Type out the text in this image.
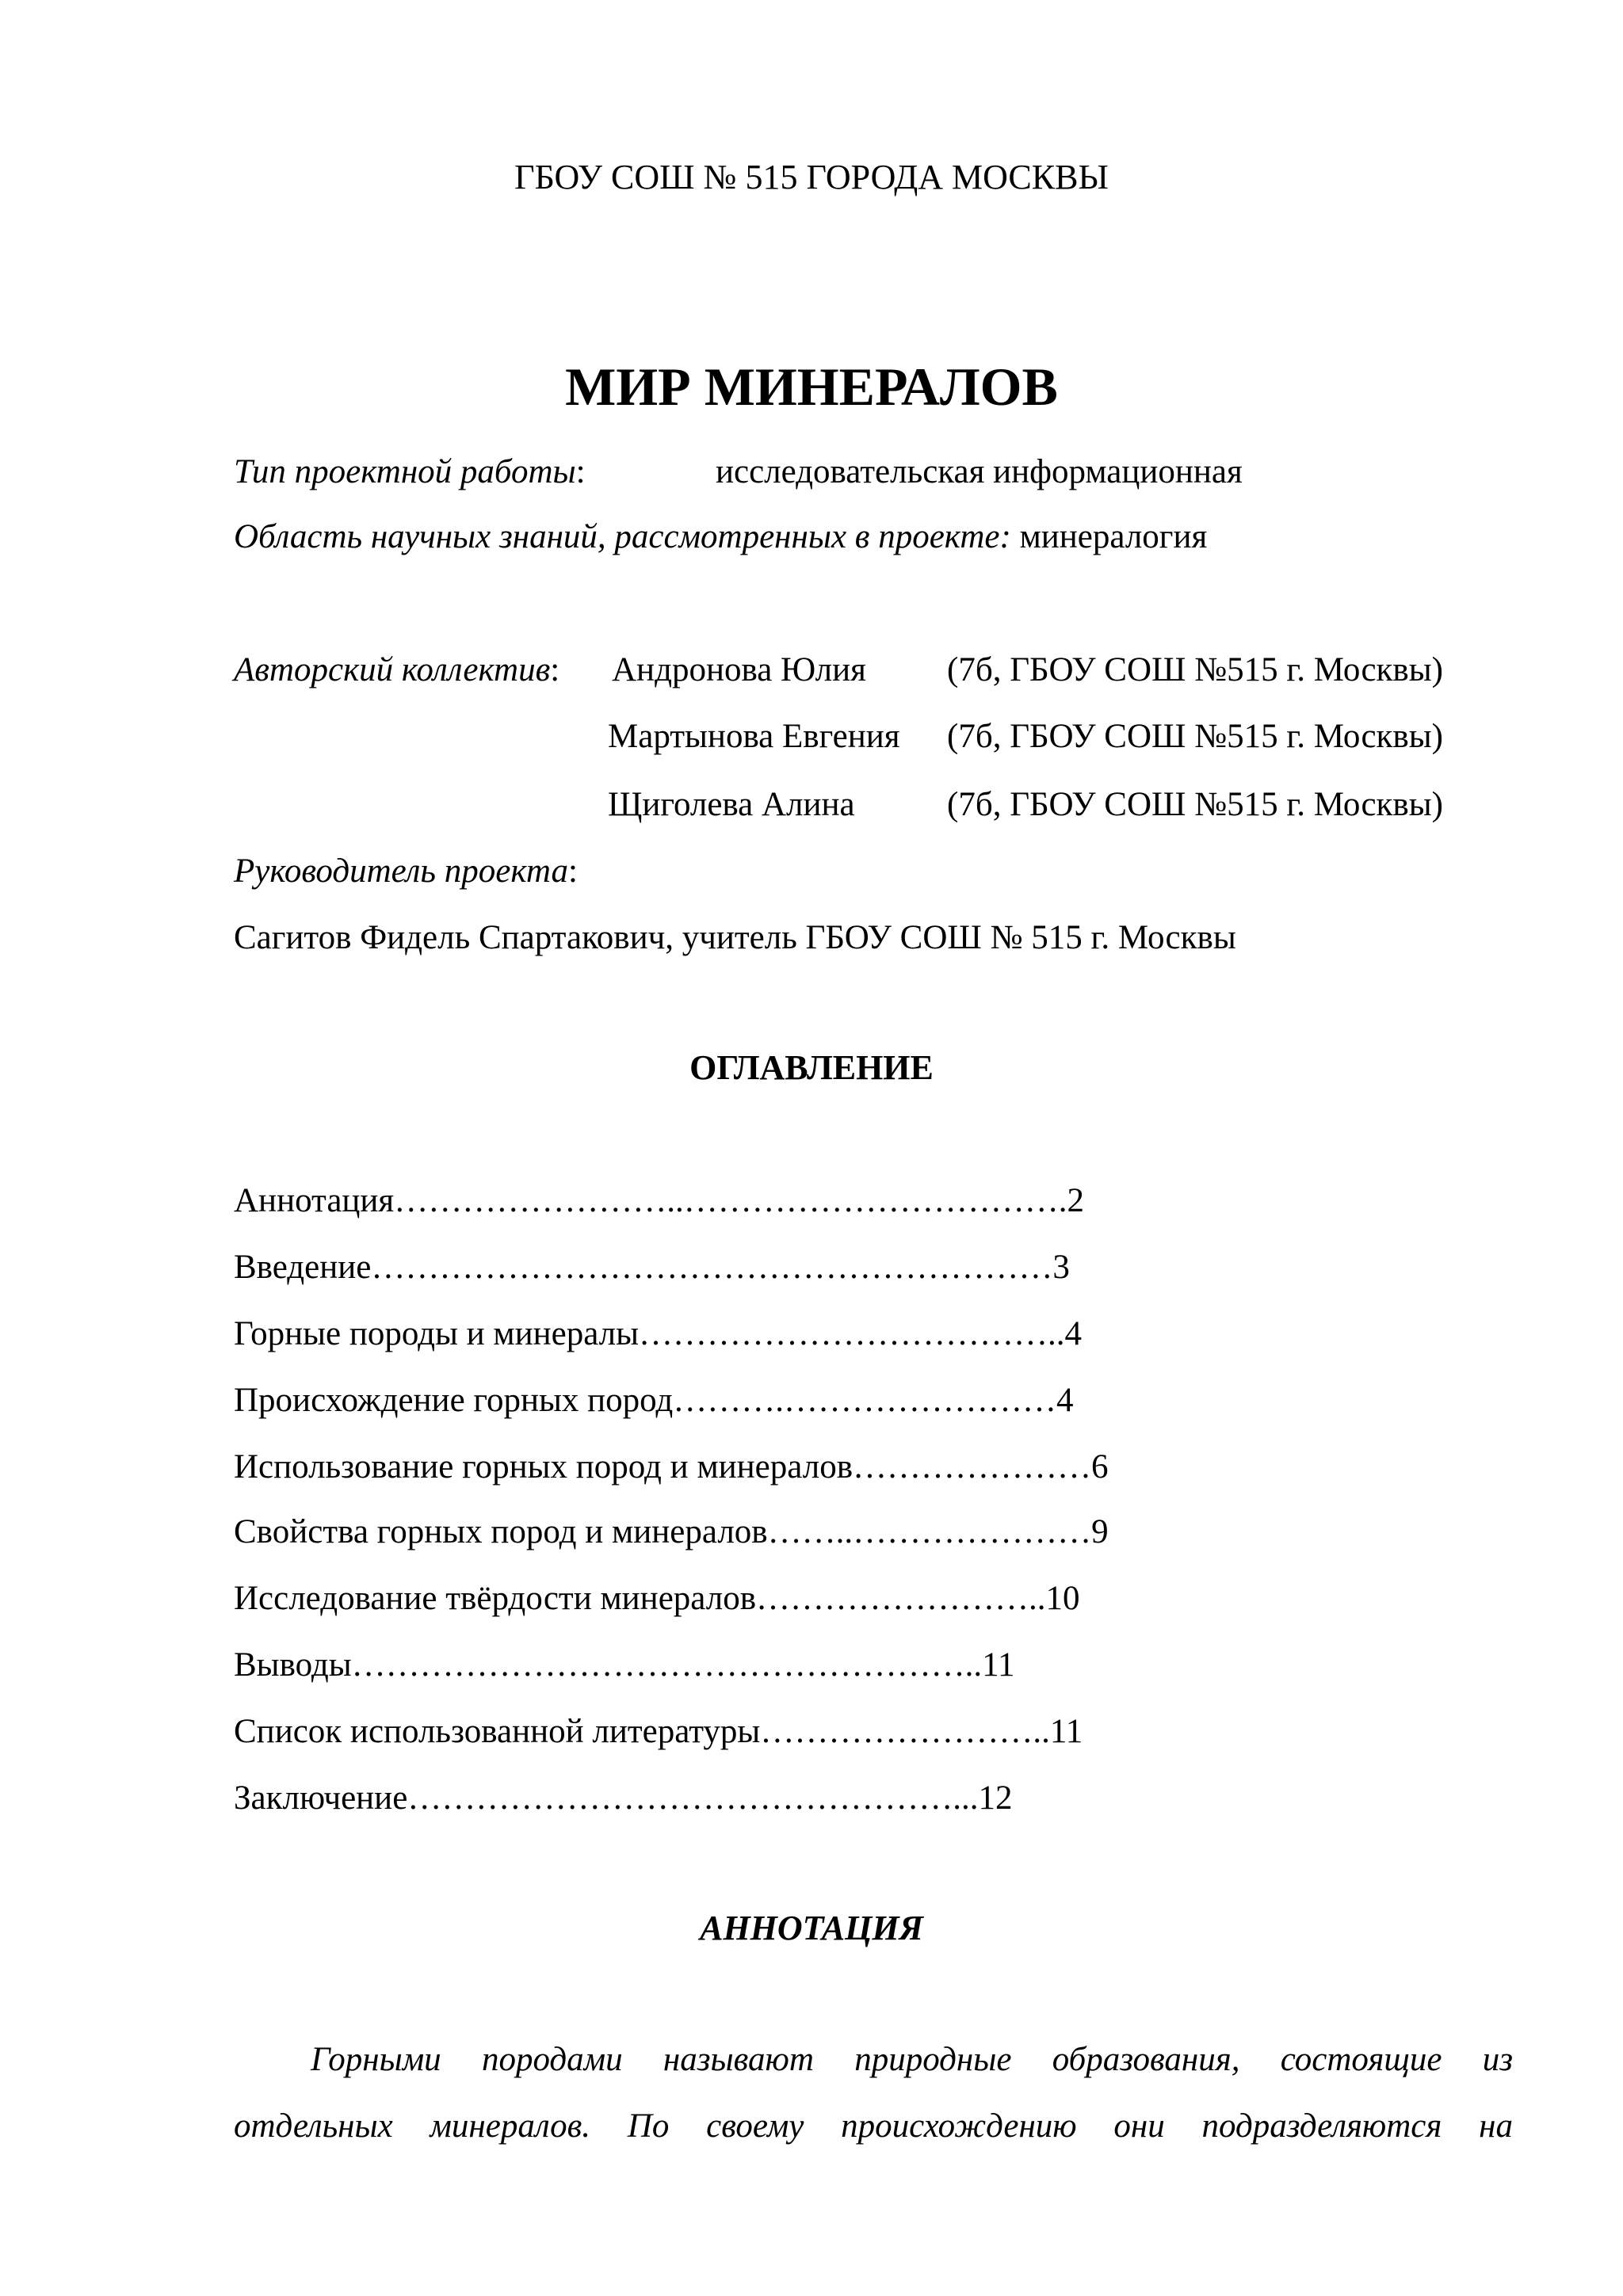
ГБОУ СОШ № 515 ГОРОДА МОСКВЫ
МИР МИНЕРАЛОВ
Тип проектной работы:	исследовательская информационная
Область научных знаний, рассмотренных в проекте: минералогия
Авторский коллектив: Андронова Юлия (7б, ГБОУ СОШ №515 г. Москвы)
Мартынова Евгения (7б, ГБОУ СОШ №515 г. Москвы)
Щиголева Алина	(7б, ГБОУ СОШ №515 г. Москвы)
Руководитель проекта:
Сагитов Фидель Спартакович, учитель ГБОУ СОШ № 515 г. Москвы
ОГЛАВЛЕНИЕ
Аннотация……………………..…………………………….2
Введение……………………………………………………3
Горные породы и минералы………………………………..4
Происхождение горных пород……….……………………4
Использование горных пород и минералов…………………6
Свойства горных пород и минералов……..…………………9
Исследование твёрдости минералов……………………..10
Выводы………………………………………………..11
Список использованной литературы……………………..11
Заключение…………………………………………...12
АННОТАЦИЯ
Горными породами называют природные образования, состоящие из
отдельных минералов. По своему происхождению они подразделяются на
